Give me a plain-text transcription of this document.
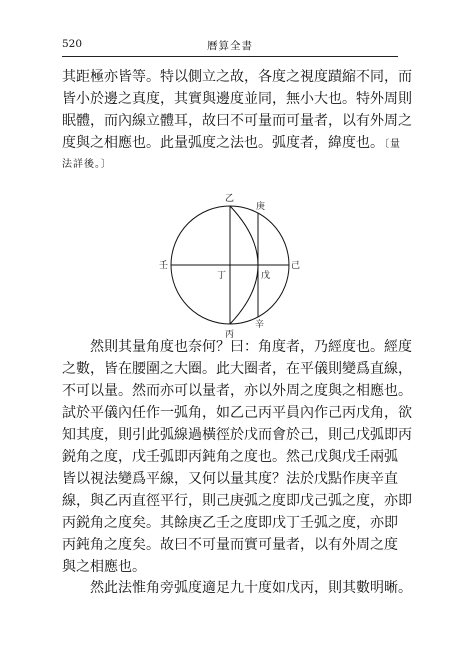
520	曆算全書
其距極亦皆等。特以側立之故，各度之視度蹟縮不同，而
皆小於邊之真度，其實與邊度並同，無小大也。特外周則
眠體，而內線立體耳，故曰不可量而可量者，以有外周之
度與之相應也。此量弧度之法也。弧度者，緯度也。〔量
法詳後。〕
乙
庚
壬	己
丁	戊
辛
丙
然則其量角度也奈何？曰：角度者，乃經度也。經度
之數，皆在腰圍之大圈。此大圈者，在平儀則變爲直線，
不可以量。然而亦可以量者，亦以外周之度與之相應也。
試於平儀內任作一弧角，如乙己丙平員內作己丙戊角，欲
知其度，則引此弧線過橫徑於戊而會於己，則己戊弧即丙
鋭角之度，戊壬弧即丙鈍角之度也。然己戊與戊壬兩弧
皆以視法變爲平線，又何以量其度？法於戊點作庚辛直
線，與乙丙直徑平行，則己庚弧之度即戊己弧之度，亦即
丙鋭角之度矣。其餘庚乙壬之度即戊丁壬弧之度，亦即
丙鈍角之度矣。故曰不可量而實可量者，以有外周之度
與之相應也。
然此法惟角旁弧度適足九十度如戊丙，則其數明晰。
